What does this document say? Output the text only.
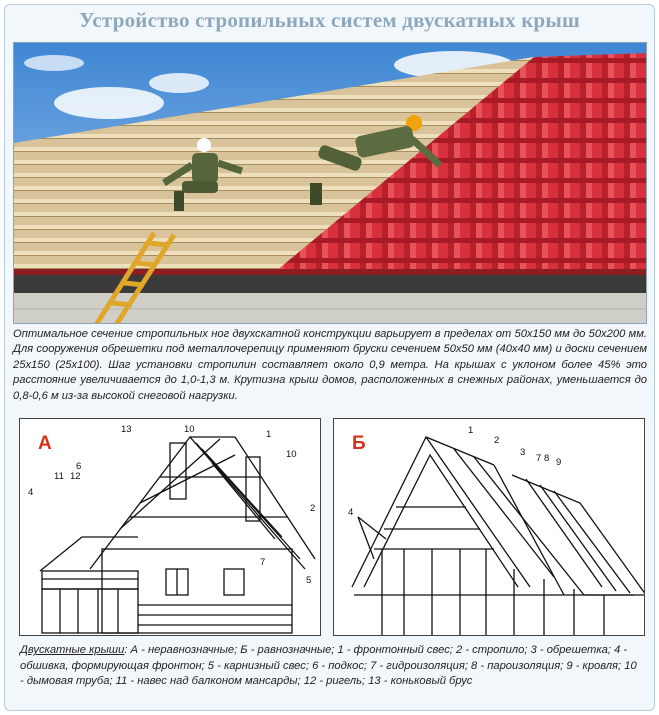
Устройство стропильных систем двускатных крыш
Оптимальное сечение стропильных ног двухскатной конструкции варьирует в пределах от 50х150 мм до 50х200 мм. Для сооружения обрешетки под металлочерепицу применяют бруски сечением 50х50 мм (40х40 мм) и доски сечением 25х150 (25х100). Шаг установки стропилин составляет около 0,9 метра. На крышах с уклоном более 45% это расстояние увеличивается до 1,0-1,3 м. Крутизна крыш домов, расположенных в снежных районах, уменьшается до 0,8-0,6 м из-за высокой снеговой нагрузки.
А
13	10	1
10
6
11 12
2
4
7
5
Б
1
2
3
7 8 9
4
Двускатные крыши: А - неравнозначные; Б - равнозначные; 1 - фронтонный свес; 2 - стропило; 3 - обрешетка; 4 - обшивка, формирующая фронтон; 5 - карнизный свес; 6 - подкос; 7 - гидроизоляция; 8 - пароизоляция; 9 - кровля; 10 - дымовая труба; 11 - навес над балконом мансарды; 12 - ригель; 13 - коньковый брус
